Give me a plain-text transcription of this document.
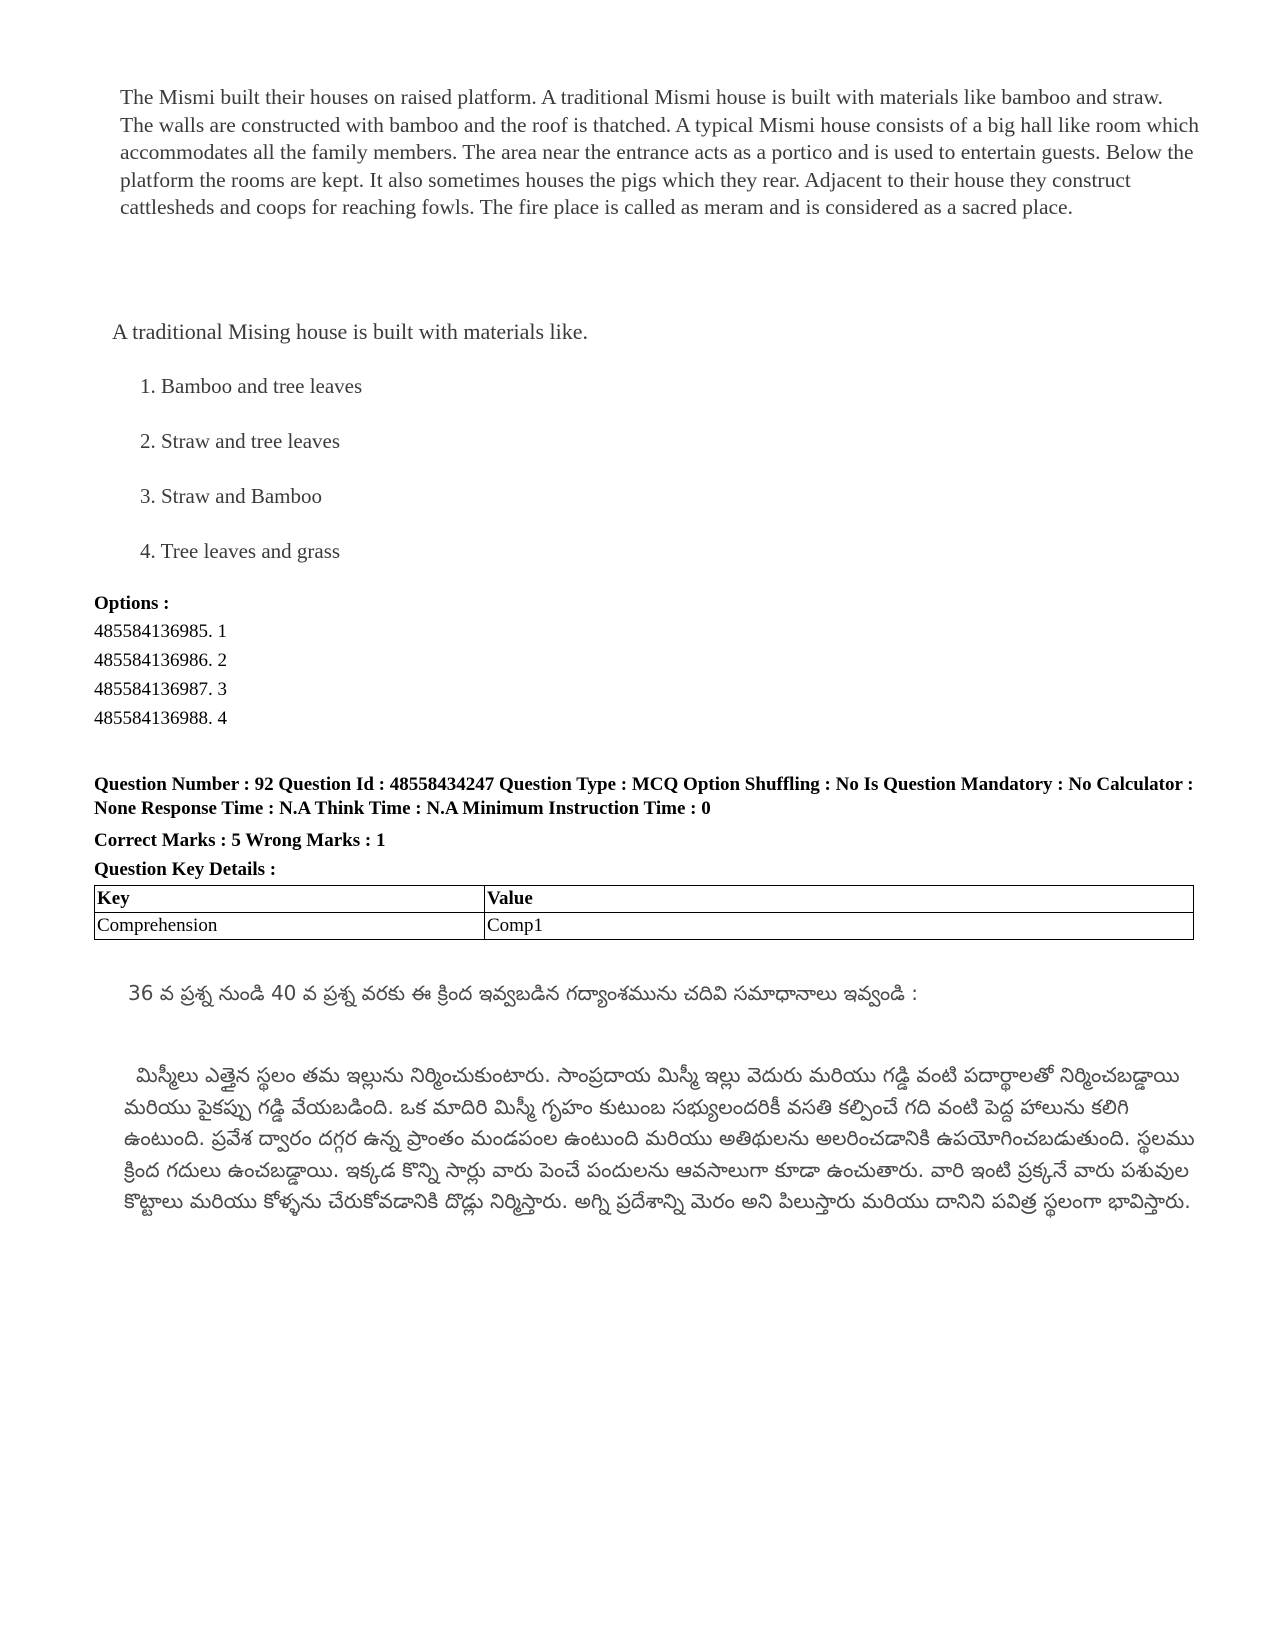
The Mismi built their houses on raised platform. A traditional Mismi house is built with materials like bamboo and straw. The walls are constructed with bamboo and the roof is thatched. A typical Mismi house consists of a big hall like room which accommodates all the family members. The area near the entrance acts as a portico and is used to entertain guests. Below the platform the rooms are kept. It also sometimes houses the pigs which they rear. Adjacent to their house they construct cattlesheds and coops for reaching fowls. The fire place is called as meram and is considered as a sacred place.
A traditional Mising house is built with materials like.
1. Bamboo and tree leaves
2. Straw and tree leaves
3. Straw and Bamboo
4. Tree leaves and grass
Options :
485584136985. 1
485584136986. 2
485584136987. 3
485584136988. 4
Question Number : 92 Question Id : 48558434247 Question Type : MCQ Option Shuffling : No Is Question Mandatory : No Calculator : None Response Time : N.A Think Time : N.A Minimum Instruction Time : 0
Correct Marks : 5 Wrong Marks : 1
Question Key Details :
Key	Value
Comprehension	Comp1
36 వ ప్రశ్న నుండి 40 వ ప్రశ్న వరకు ఈ క్రింద ఇవ్వబడిన గద్యాంశమును చదివి సమాధానాలు ఇవ్వండి :
మిస్మీలు ఎత్తైన స్థలం తమ ఇల్లును నిర్మించుకుంటారు. సాంప్రదాయ మిస్మీ ఇల్లు వెదురు మరియు గడ్డి వంటి పదార్థాలతో నిర్మించబడ్డాయి మరియు పైకప్పు గడ్డి వేయబడింది. ఒక మాదిరి మిస్మీ గృహం కుటుంబ సభ్యులందరికీ వసతి కల్పించే గది వంటి పెద్ద హాలును కలిగి ఉంటుంది. ప్రవేశ ద్వారం దగ్గర ఉన్న ప్రాంతం మండపంల ఉంటుంది మరియు అతిథులను అలరించడానికి ఉపయోగించబడుతుంది. స్థలము క్రింద గదులు ఉంచబడ్డాయి. ఇక్కడ కొన్ని సార్లు వారు పెంచే పందులను ఆవసాలుగా కూడా ఉంచుతారు. వారి ఇంటి ప్రక్కనే వారు పశువుల కొట్టాలు మరియు కోళ్ళను చేరుకోవడానికి దొడ్లు నిర్మిస్తారు. అగ్ని ప్రదేశాన్ని మెరం అని పిలుస్తారు మరియు దానిని పవిత్ర స్థలంగా భావిస్తారు.
